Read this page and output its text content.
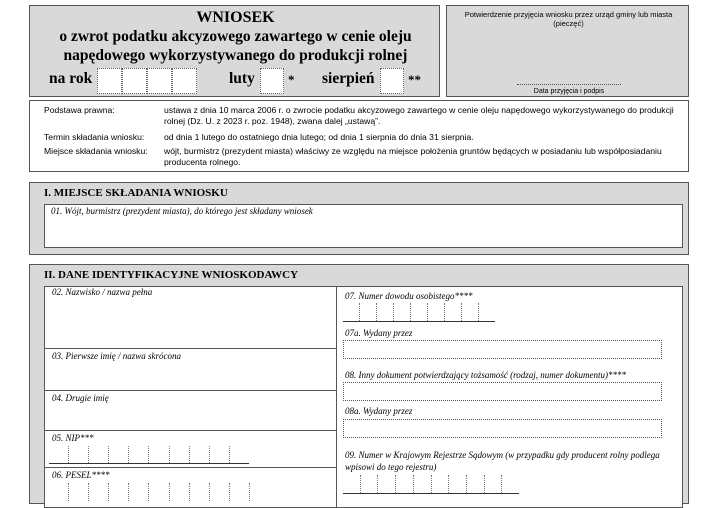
WNIOSEK
o zwrot podatku akcyzowego zawartego w cenie oleju
napędowego wykorzystywanego do produkcji rolnej
na rok	luty	* sierpień	**
Potwierdzenie przyjęcia wniosku przez urząd gminy lub miasta (pieczęć)
Data przyjęcia i podpis
Podstawa prawna:	ustawa z dnia 10 marca 2006 r. o zwrocie podatku akcyzowego zawartego w cenie oleju napędowego wykorzystywanego do produkcji rolnej (Dz. U. z 2023 r. poz. 1948), zwana dalej „ustawą”.
Termin składania wniosku: od dnia 1 lutego do ostatniego dnia lutego; od dnia 1 sierpnia do dnia 31 sierpnia.
Miejsce składania wniosku: wójt, burmistrz (prezydent miasta) właściwy ze względu na miejsce położenia gruntów będących w posiadaniu lub współposiadaniu producenta rolnego.
I. MIEJSCE SKŁADANIA WNIOSKU
01. Wójt, burmistrz (prezydent miasta), do którego jest składany wniosek
II. DANE IDENTYFIKACYJNE WNIOSKODAWCY
02. Nazwisko / nazwa pełna
03. Pierwsze imię / nazwa skrócona
04. Drugie imię
05. NIP***
06. PESEL****
07. Numer dowodu osobistego****
07a. Wydany przez
08. Inny dokument potwierdzający tożsamość (rodzaj, numer dokumentu)****
08a. Wydany przez
09. Numer w Krajowym Rejestrze Sądowym (w przypadku gdy producent rolny podlega wpisowi do tego rejestru)
